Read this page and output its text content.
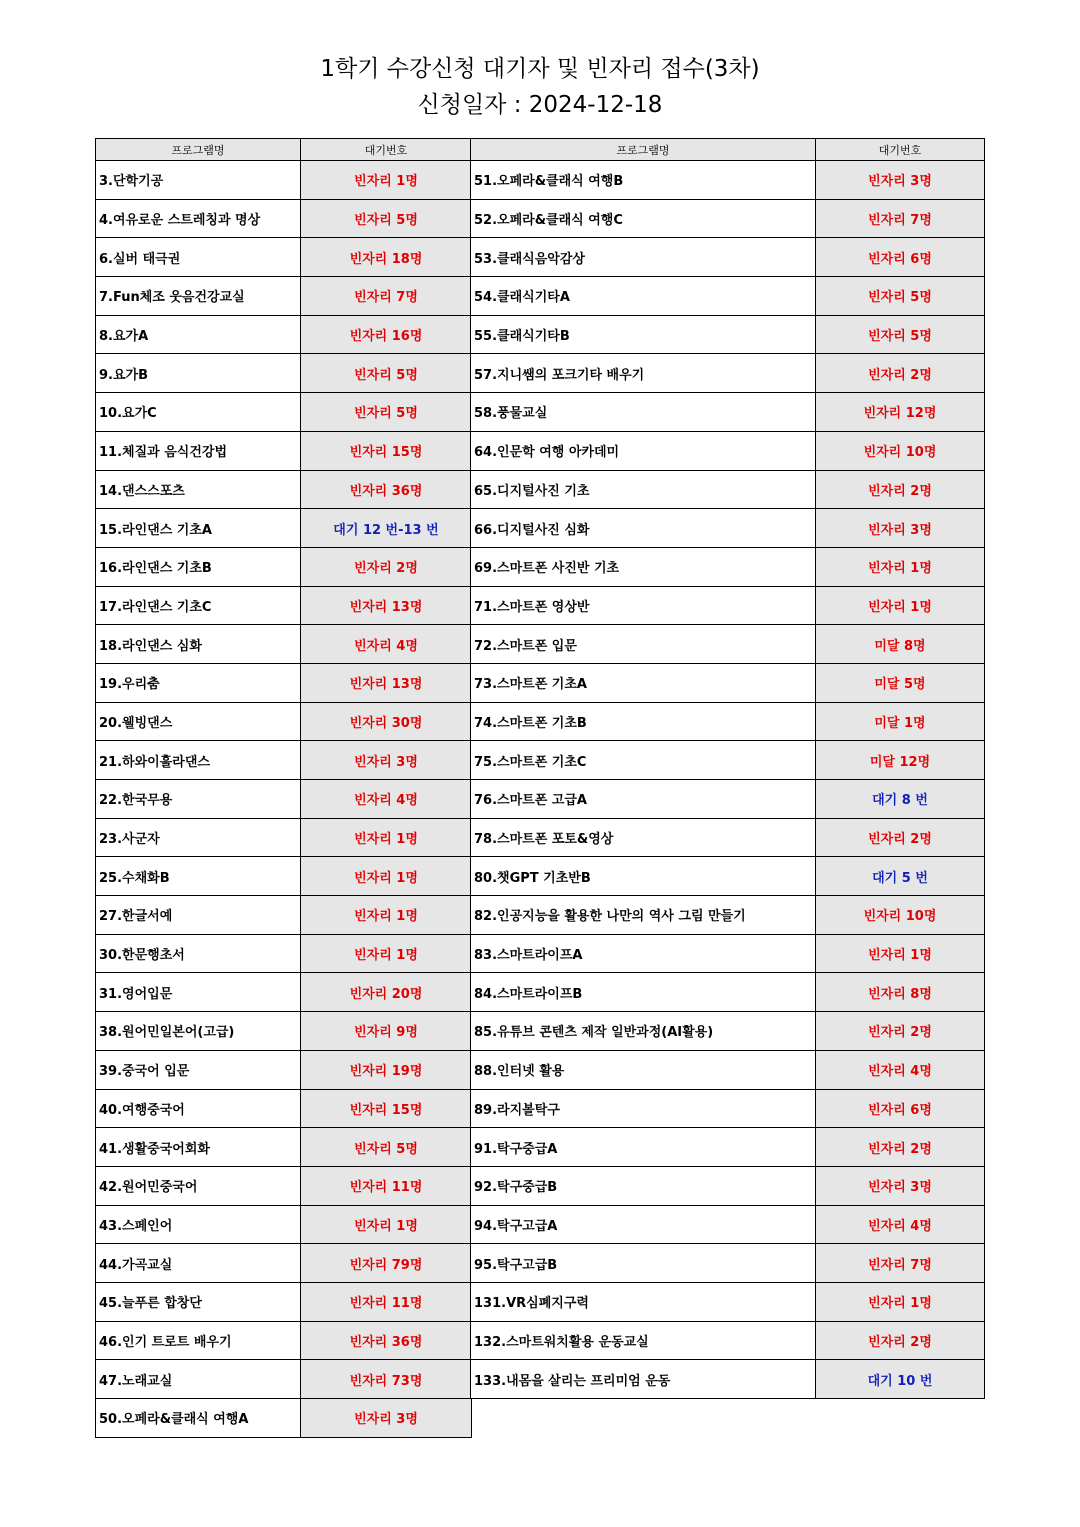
1학기 수강신청 대기자 및 빈자리 접수(3차)
신청일자 : 2024-12-18
프로그램명	대기번호
3.단학기공	빈자리 1명
4.여유로운 스트레칭과 명상	빈자리 5명
6.실버 태극권	빈자리 18명
7.Fun체조 웃음건강교실	빈자리 7명
8.요가A	빈자리 16명
9.요가B	빈자리 5명
10.요가C	빈자리 5명
11.체질과 음식건강법	빈자리 15명
14.댄스스포츠	빈자리 36명
15.라인댄스 기초A	대기 12 번-13 번
16.라인댄스 기초B	빈자리 2명
17.라인댄스 기초C	빈자리 13명
18.라인댄스 심화	빈자리 4명
19.우리춤	빈자리 13명
20.웰빙댄스	빈자리 30명
21.하와이훌라댄스	빈자리 3명
22.한국무용	빈자리 4명
23.사군자	빈자리 1명
25.수채화B	빈자리 1명
27.한글서예	빈자리 1명
30.한문행초서	빈자리 1명
31.영어입문	빈자리 20명
38.원어민일본어(고급)	빈자리 9명
39.중국어 입문	빈자리 19명
40.여행중국어	빈자리 15명
41.생활중국어회화	빈자리 5명
42.원어민중국어	빈자리 11명
43.스페인어	빈자리 1명
44.가곡교실	빈자리 79명
45.늘푸른 합창단	빈자리 11명
46.인기 트로트 배우기	빈자리 36명
47.노래교실	빈자리 73명
50.오페라&클래식 여행A	빈자리 3명
프로그램명	대기번호
51.오페라&클래식 여행B	빈자리 3명
52.오페라&클래식 여행C	빈자리 7명
53.클래식음악감상	빈자리 6명
54.클래식기타A	빈자리 5명
55.클래식기타B	빈자리 5명
57.지니쌤의 포크기타 배우기	빈자리 2명
58.풍물교실	빈자리 12명
64.인문학 여행 아카데미	빈자리 10명
65.디지털사진 기초	빈자리 2명
66.디지털사진 심화	빈자리 3명
69.스마트폰 사진반 기초	빈자리 1명
71.스마트폰 영상반	빈자리 1명
72.스마트폰 입문	미달 8명
73.스마트폰 기초A	미달 5명
74.스마트폰 기초B	미달 1명
75.스마트폰 기초C	미달 12명
76.스마트폰 고급A	대기 8 번
78.스마트폰 포토&영상	빈자리 2명
80.챗GPT 기초반B	대기 5 번
82.인공지능을 활용한 나만의 역사 그림 만들기	빈자리 10명
83.스마트라이프A	빈자리 1명
84.스마트라이프B	빈자리 8명
85.유튜브 콘텐츠 제작 일반과정(AI활용)	빈자리 2명
88.인터넷 활용	빈자리 4명
89.라지볼탁구	빈자리 6명
91.탁구중급A	빈자리 2명
92.탁구중급B	빈자리 3명
94.탁구고급A	빈자리 4명
95.탁구고급B	빈자리 7명
131.VR심폐지구력	빈자리 1명
132.스마트워치활용 운동교실	빈자리 2명
133.내몸을 살리는 프리미엄 운동	대기 10 번
